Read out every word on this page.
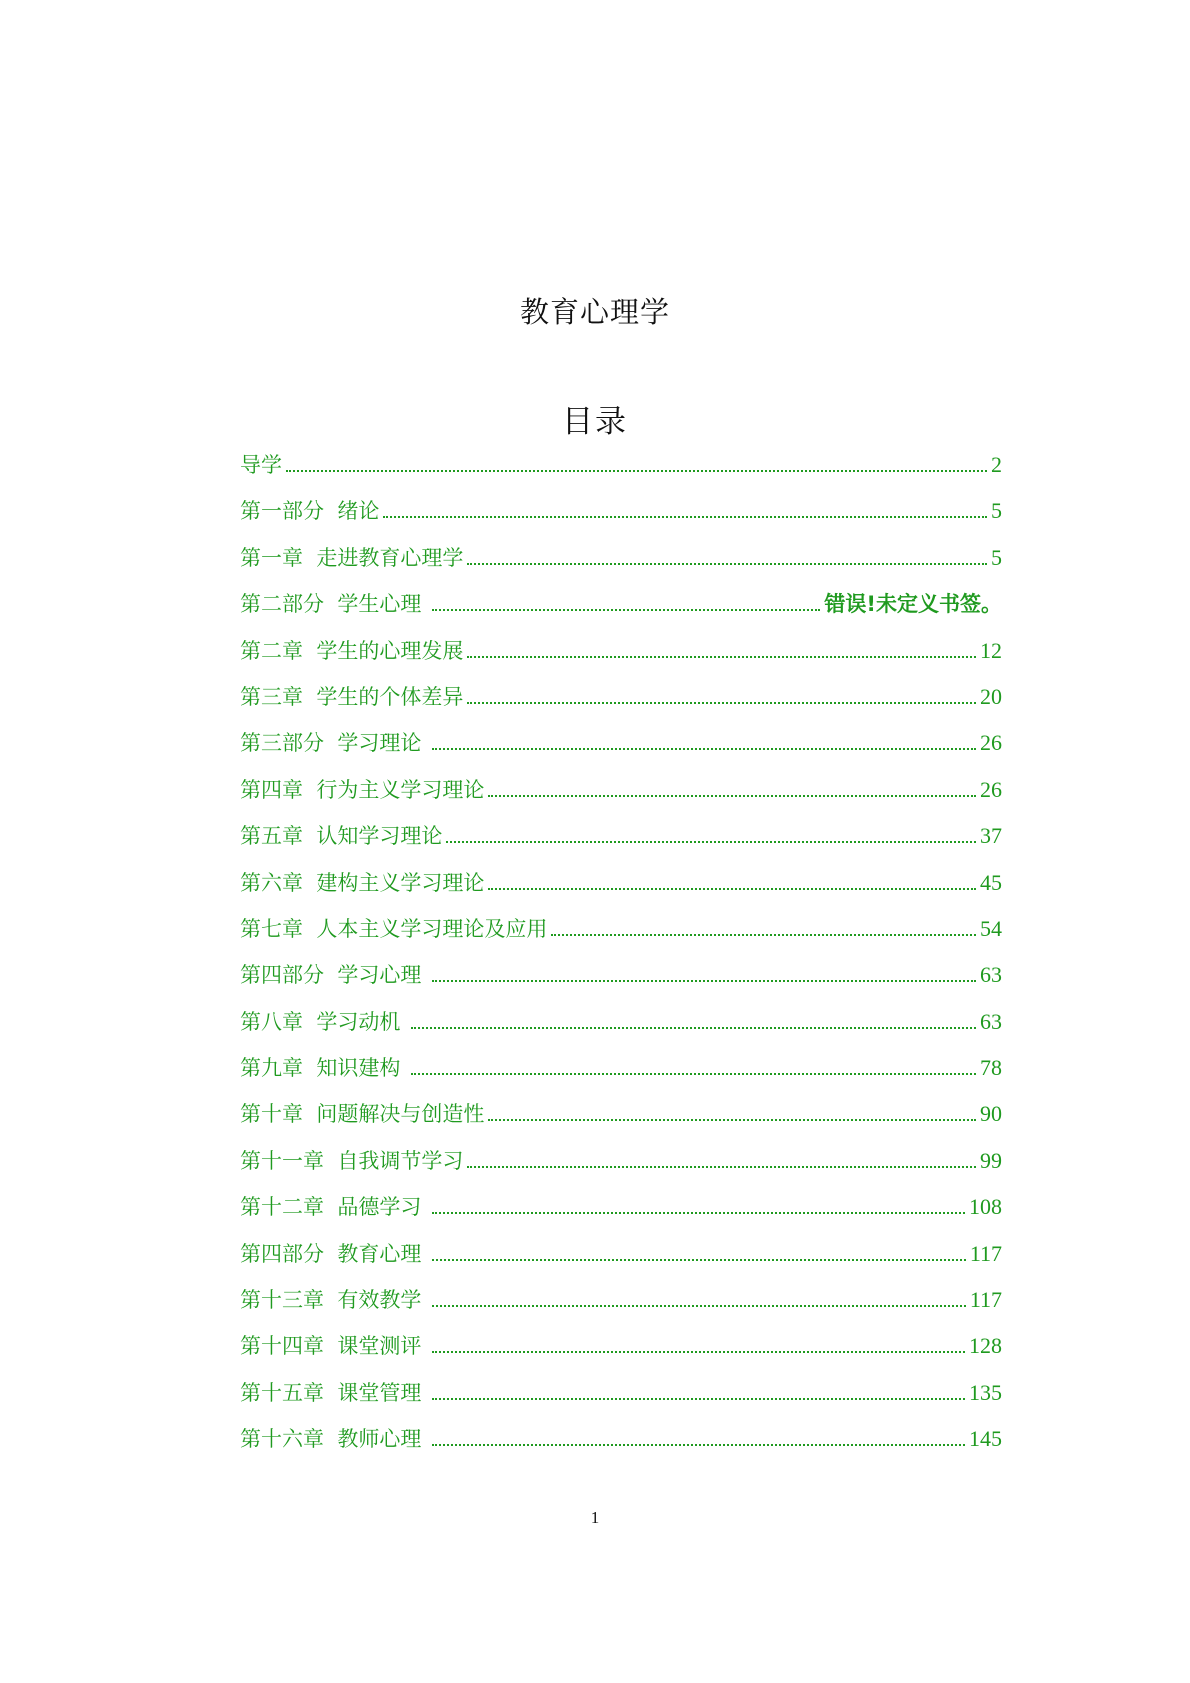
教育心理学
目录
导学	2
第一部分  绪论	5
第一章  走进教育心理学	5
第二部分  学生心理	错误!未定义书签。
第二章  学生的心理发展	12
第三章  学生的个体差异	20
第三部分  学习理论	26
第四章  行为主义学习理论	26
第五章  认知学习理论	37
第六章  建构主义学习理论	45
第七章  人本主义学习理论及应用	54
第四部分  学习心理	63
第八章  学习动机	63
第九章  知识建构	78
第十章  问题解决与创造性	90
第十一章  自我调节学习	99
第十二章  品德学习	108
第四部分  教育心理	117
第十三章  有效教学	117
第十四章  课堂测评	128
第十五章  课堂管理	135
第十六章  教师心理	145
1
